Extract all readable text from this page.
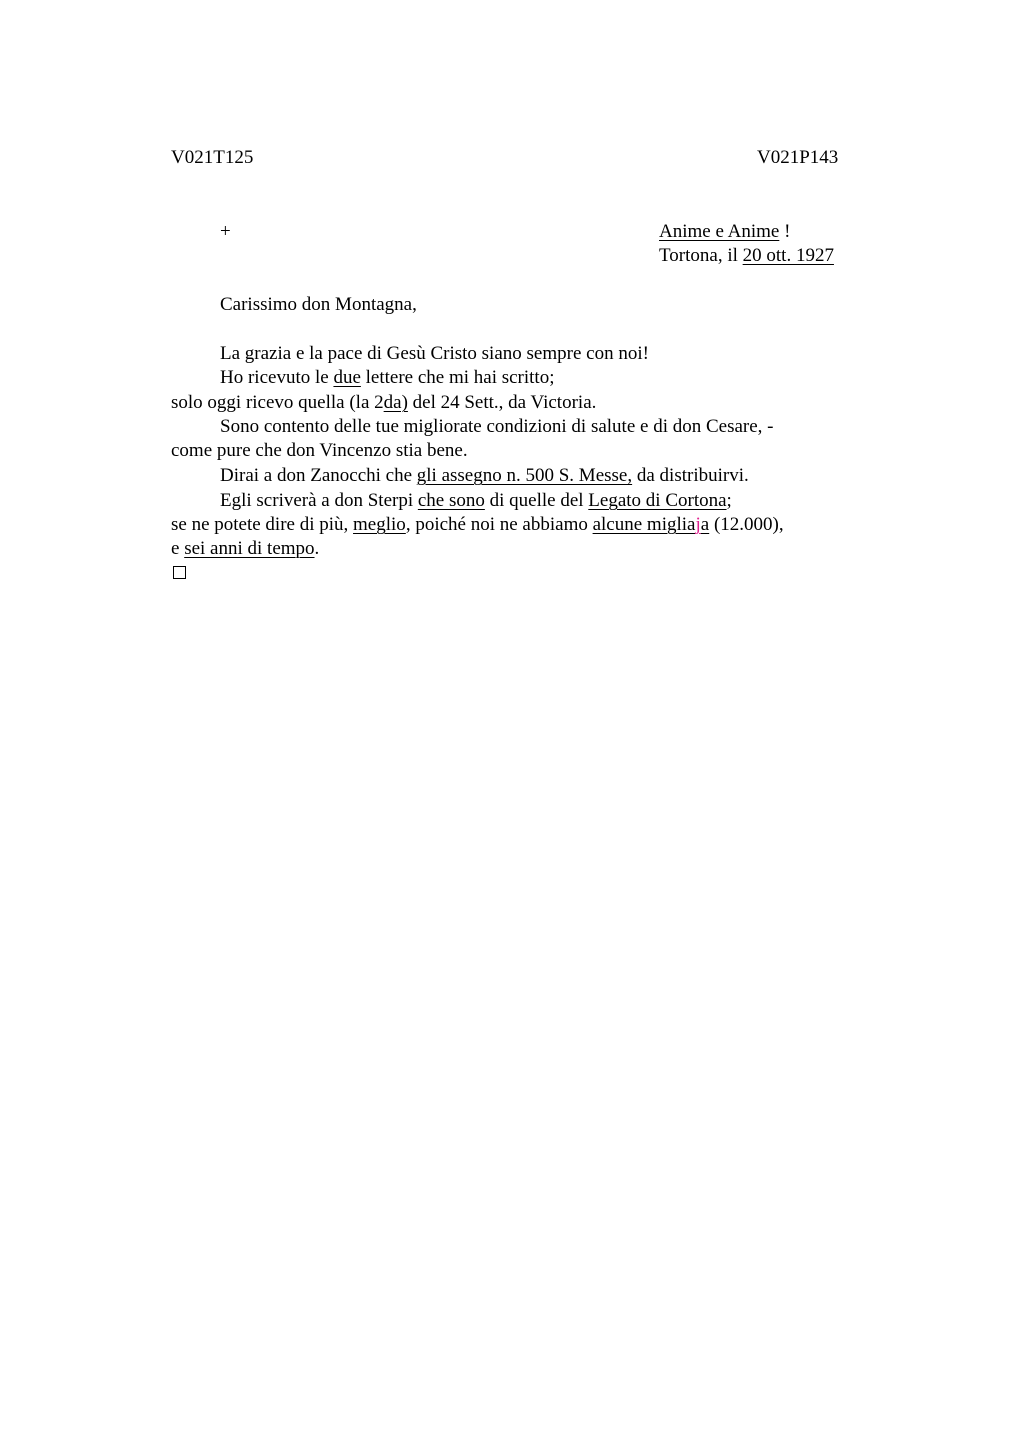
V021T125	V021P143
+	Anime e Anime !
Tortona, il 20 ott. 1927
Carissimo don Montagna,
La grazia e la pace di Gesù Cristo siano sempre con noi!
Ho ricevuto le due lettere che mi hai scritto;
solo oggi ricevo quella (la 2da) del 24 Sett., da Victoria.
Sono contento delle tue migliorate condizioni di salute e di don Cesare, -
come pure che don Vincenzo stia bene.
Dirai a don Zanocchi che gli assegno n. 500 S. Messe, da distribuirvi.
Egli scriverà a don Sterpi che sono di quelle del Legato di Cortona;
se ne potete dire di più, meglio, poiché noi ne abbiamo alcune migliaja (12.000),
e sei anni di tempo.
